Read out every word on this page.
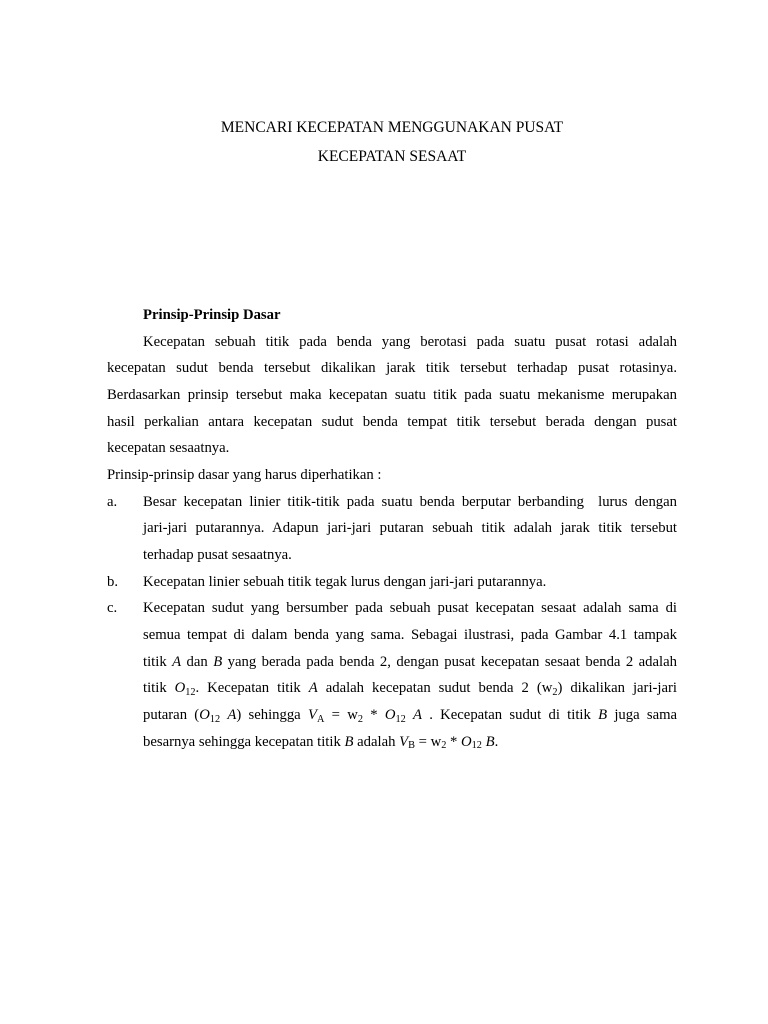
MENCARI KECEPATAN MENGGUNAKAN PUSAT
KECEPATAN SESAAT
Prinsip-Prinsip Dasar
Kecepatan sebuah titik pada benda yang berotasi pada suatu pusat rotasi adalah
kecepatan sudut benda tersebut dikalikan jarak titik tersebut terhadap pusat rotasinya.
Berdasarkan prinsip tersebut maka kecepatan suatu titik pada suatu mekanisme merupakan
hasil perkalian antara kecepatan sudut benda tempat titik tersebut berada dengan pusat
kecepatan sesaatnya.
Prinsip-prinsip dasar yang harus diperhatikan :
a.	Besar kecepatan linier titik-titik pada suatu benda berputar berbanding  lurus dengan
jari-jari putarannya. Adapun jari-jari putaran sebuah titik adalah jarak titik tersebut
terhadap pusat sesaatnya.
b.	Kecepatan linier sebuah titik tegak lurus dengan jari-jari putarannya.
c.	Kecepatan sudut yang bersumber pada sebuah pusat kecepatan sesaat adalah sama di
semua tempat di dalam benda yang sama. Sebagai ilustrasi, pada Gambar 4.1 tampak
titik A dan B yang berada pada benda 2, dengan pusat kecepatan sesaat benda 2 adalah
titik O12. Kecepatan titik A adalah kecepatan sudut benda 2 (w2) dikalikan jari-jari
putaran (O12 A) sehingga VA = w2 * O12 A . Kecepatan sudut di titik B juga sama
besarnya sehingga kecepatan titik B adalah VB = w2 * O12 B.
